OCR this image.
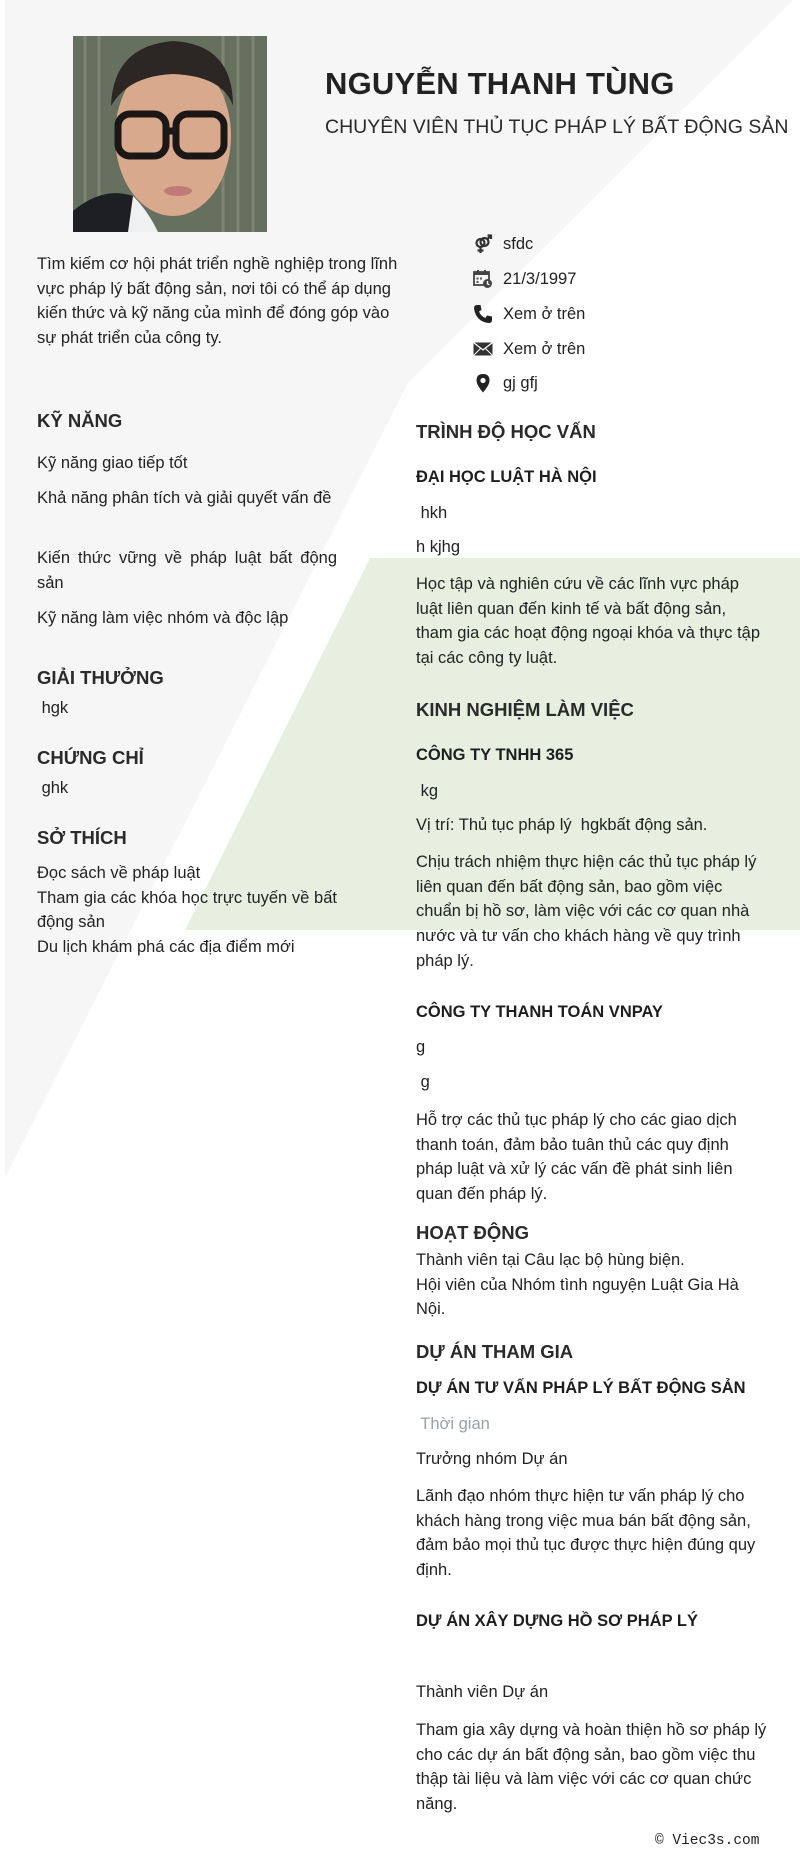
NGUYỄN THANH TÙNG
CHUYÊN VIÊN THỦ TỤC PHÁP LÝ BẤT ĐỘNG SẢN
sfdc
21/3/1997
Xem ở trên
Xem ở trên
gj gfj
Tìm kiếm cơ hội phát triển nghề nghiệp trong lĩnh
vực pháp lý bất động sản, nơi tôi có thể áp dụng
kiến thức và kỹ năng của mình để đóng góp vào
sự phát triển của công ty.
KỸ NĂNG
Kỹ năng giao tiếp tốt
Khả năng phân tích và giải quyết vấn đề
Kiến thức vững về pháp luật bất động sản
Kỹ năng làm việc nhóm và độc lập
GIẢI THƯỞNG
hgk
CHỨNG CHỈ
ghk
SỞ THÍCH
Đọc sách về pháp luật
Tham gia các khóa học trực tuyến về bất động sản
Du lịch khám phá các địa điểm mới
TRÌNH ĐỘ HỌC VẤN
ĐẠI HỌC LUẬT HÀ NỘI
hkh
h kjhg
Học tập và nghiên cứu về các lĩnh vực pháp
luật liên quan đến kinh tế và bất động sản,
tham gia các hoạt động ngoại khóa và thực tập
tại các công ty luật.
KINH NGHIỆM LÀM VIỆC
CÔNG TY TNHH 365
kg
Vị trí: Thủ tục pháp lý  hgkbất động sản.
Chịu trách nhiệm thực hiện các thủ tục pháp lý
liên quan đến bất động sản, bao gồm việc
chuẩn bị hồ sơ, làm việc với các cơ quan nhà
nước và tư vấn cho khách hàng về quy trình
pháp lý.
CÔNG TY THANH TOÁN VNPAY
g
g
Hỗ trợ các thủ tục pháp lý cho các giao dịch
thanh toán, đảm bảo tuân thủ các quy định
pháp luật và xử lý các vấn đề phát sinh liên
quan đến pháp lý.
HOẠT ĐỘNG
Thành viên tại Câu lạc bộ hùng biện.
Hội viên của Nhóm tình nguyện Luật Gia Hà
Nội.
DỰ ÁN THAM GIA
DỰ ÁN TƯ VẤN PHÁP LÝ BẤT ĐỘNG SẢN
Thời gian
Trưởng nhóm Dự án
Lãnh đạo nhóm thực hiện tư vấn pháp lý cho
khách hàng trong việc mua bán bất động sản,
đảm bảo mọi thủ tục được thực hiện đúng quy
định.
DỰ ÁN XÂY DỰNG HỒ SƠ PHÁP LÝ
Thành viên Dự án
Tham gia xây dựng và hoàn thiện hồ sơ pháp lý
cho các dự án bất động sản, bao gồm việc thu
thập tài liệu và làm việc với các cơ quan chức
năng.
© Viec3s.com
